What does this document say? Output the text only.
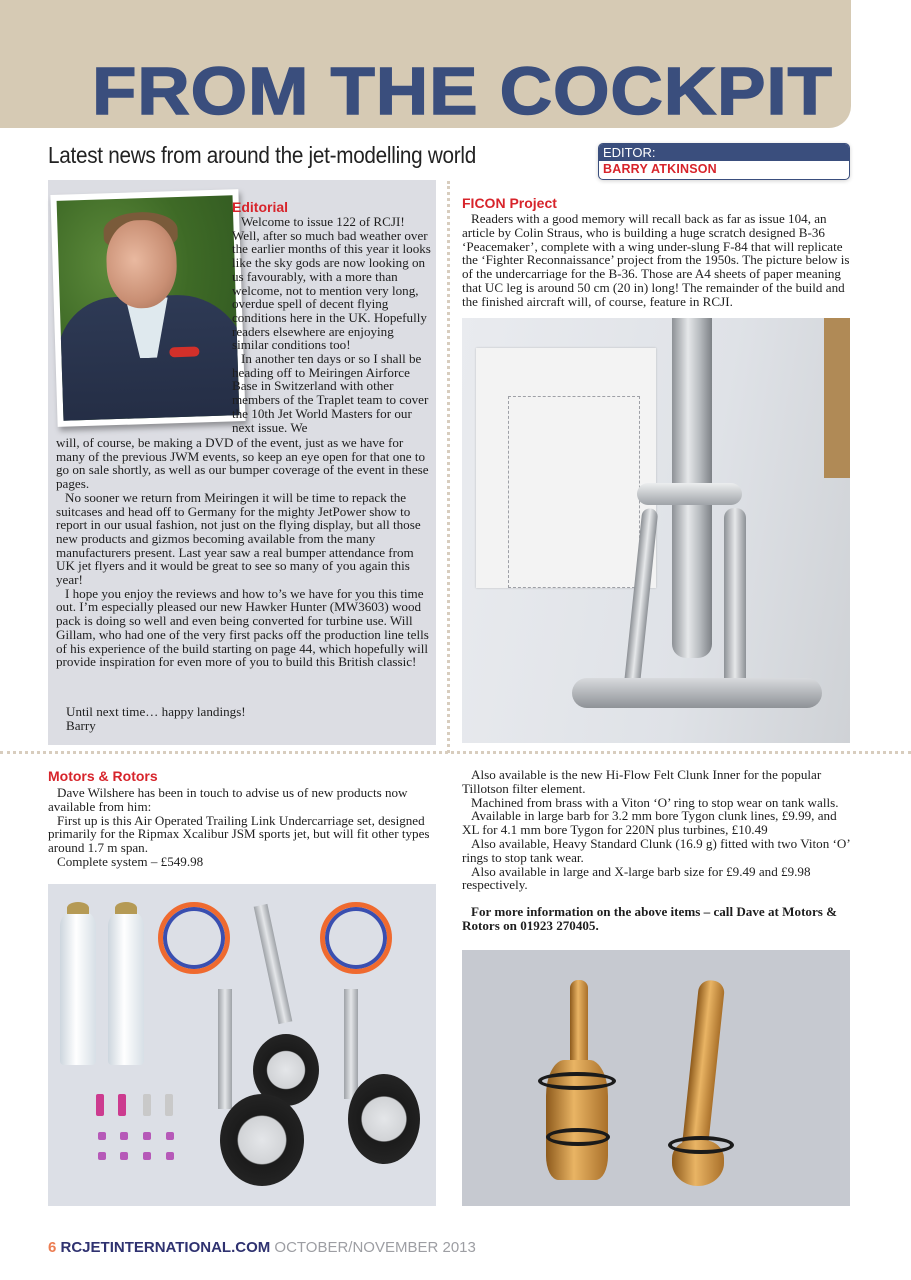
FROM THE COCKPIT
Latest news from around the jet-modelling world	EDITOR:
BARRY ATKINSON
Editorial

Welcome to issue 122 of RCJI! Well, after so much bad weather over the earlier months of this year it looks like the sky gods are now looking on us favourably, with a more than welcome, not to mention very long, overdue spell of decent flying conditions here in the UK. Hopefully readers elsewhere are enjoying similar conditions too!

In another ten days or so I shall be heading off to Meiringen Airforce Base in Switzerland with other members of the Traplet team to cover the 10th Jet World Masters for our next issue. We

will, of course, be making a DVD of the event, just as we have for many of the previous JWM events, so keep an eye open for that one to go on sale shortly, as well as our bumper coverage of the event in these pages.

No sooner we return from Meiringen it will be time to repack the suitcases and head off to Germany for the mighty JetPower show to report in our usual fashion, not just on the flying display, but all those new products and gizmos becoming available from the many manufacturers present. Last year saw a real bumper attendance from UK jet flyers and it would be great to see so many of you again this year!

I hope you enjoy the reviews and how to’s we have for you this time out. I’m especially pleased our new Hawker Hunter (MW3603) wood pack is doing so well and even being converted for turbine use. Will Gillam, who had one of the very first packs off the production line tells of his experience of the build starting on page 44, which hopefully will provide inspiration for even more of you to build this British classic!

Until next time… happy landings!

Barry

FICON Project

Readers with a good memory will recall back as far as issue 104, an article by Colin Straus, who is building a huge scratch designed B-36 ‘Peacemaker’, complete with a wing under-slung F-84 that will replicate the ‘Fighter Reconnaissance’ project from the 1950s. The picture below is of the undercarriage for the B-36. Those are A4 sheets of paper meaning that UC leg is around 50 cm (20 in) long! The remainder of the build and the finished aircraft will, of course, feature in RCJI.

Motors & Rotors

Dave Wilshere has been in touch to advise us of new products now available from him:

First up is this Air Operated Trailing Link Undercarriage set, designed primarily for the Ripmax Xcalibur JSM sports jet, but will fit other types around 1.7 m span.

Complete system – £549.98

Also available is the new Hi-Flow Felt Clunk Inner for the popular Tillotson filter element.

Machined from brass with a Viton ‘O’ ring to stop wear on tank walls.

Available in large barb for 3.2 mm bore Tygon clunk lines, £9.99, and XL for 4.1 mm bore Tygon for 220N plus turbines, £10.49

Also available, Heavy Standard Clunk (16.9 g) fitted with two Viton ‘O’ rings to stop tank wear.

Also available in large and X-large barb size for £9.49 and £9.98 respectively.

For more information on the above items – call Dave at Motors & Rotors on 01923 270405.

6 RCJETINTERNATIONAL.COM OCTOBER/NOVEMBER 2013
